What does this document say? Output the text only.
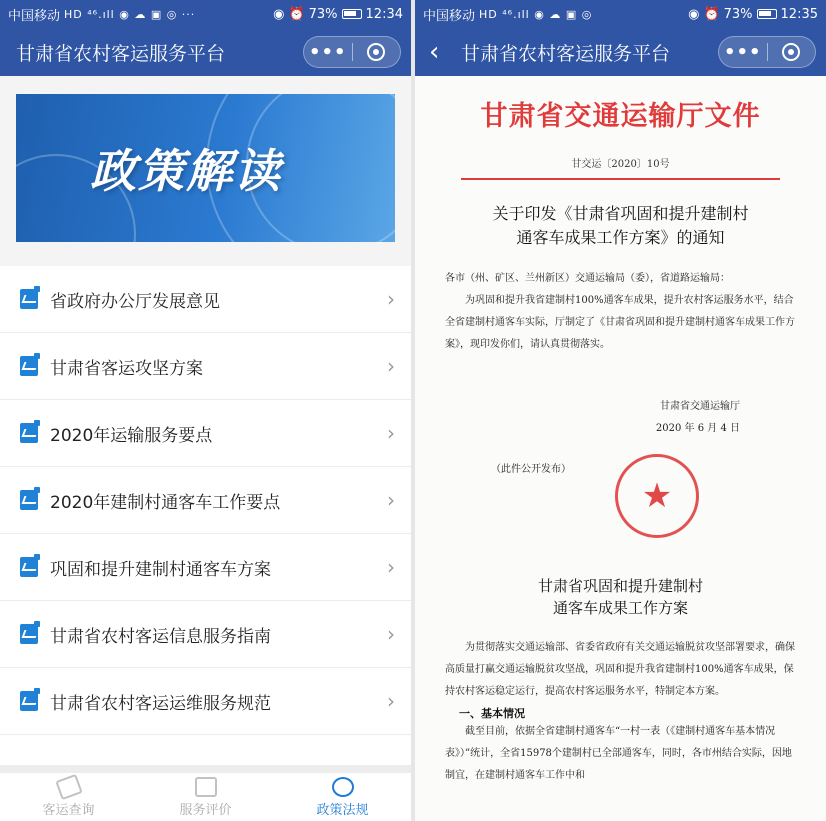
中国移动 HD ⁴⁶.ıll ◉ ☁ ▣ ◎ ···	◉ ⏰ 73% 12:34
甘肃省农村客运服务平台	•••
政策解读
省政府办公厅发展意见	›
甘肃省客运攻坚方案	›
2020年运输服务要点	›
2020年建制村通客车工作要点	›
巩固和提升建制村通客车方案	›
甘肃省农村客运信息服务指南	›
甘肃省农村客运运维服务规范	›
客运查询	服务评价	政策法规
中国移动 HD ⁴⁶.ıll ◉ ☁ ▣ ◎	◉ ⏰ 73% 12:35
‹	甘肃省农村客运服务平台	•••
甘肃省交通运输厅文件
甘交运〔2020〕10号
关于印发《甘肃省巩固和提升建制村
通客车成果工作方案》的通知
各市（州、矿区、兰州新区）交通运输局（委），省道路运输局：
为巩固和提升我省建制村100%通客车成果，提升农村客运服务水平，结合全省建制村通客车实际，厅制定了《甘肃省巩固和提升建制村通客车成果工作方案》，现印发你们，请认真贯彻落实。
甘肃省交通运输厅
2020 年 6 月 4 日
★
（此件公开发布）
甘肃省巩固和提升建制村
通客车成果工作方案
为贯彻落实交通运输部、省委省政府有关交通运输脱贫攻坚部署要求，确保高质量打赢交通运输脱贫攻坚战，巩固和提升我省建制村100%通客车成果，保持农村客运稳定运行，提高农村客运服务水平，特制定本方案。
一、基本情况
截至目前，依据全省建制村通客车“一村一表（《建制村通客车基本情况表》）”统计，全省15978个建制村已全部通客车，同时，各市州结合实际，因地制宜，在建制村通客车工作中和
